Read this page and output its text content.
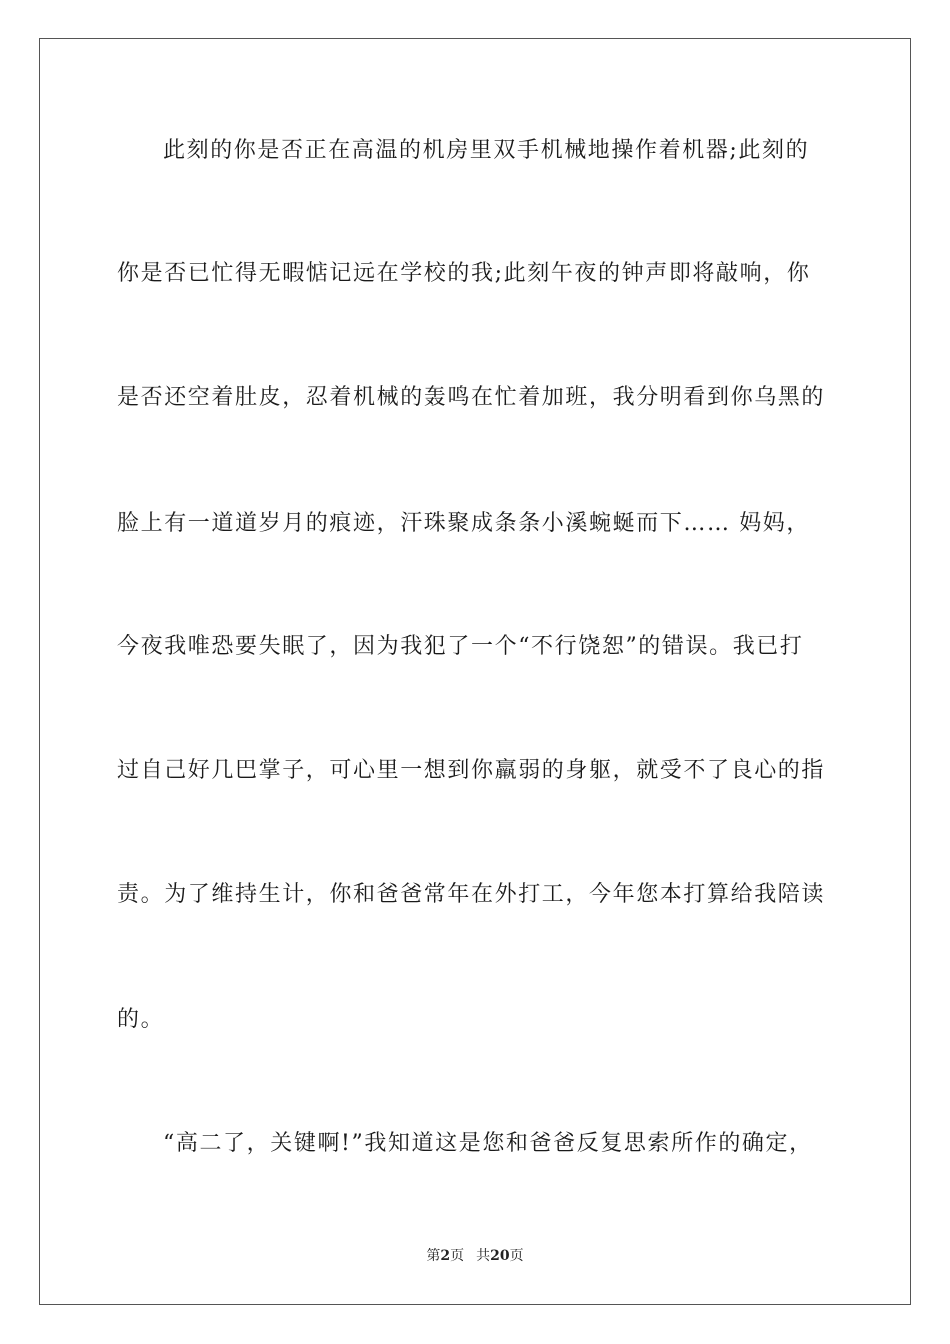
此刻的你是否正在高温的机房里双手机械地操作着机器;此刻的
你是否已忙得无暇惦记远在学校的我;此刻午夜的钟声即将敲响，你
是否还空着肚皮，忍着机械的轰鸣在忙着加班，我分明看到你乌黑的
脸上有一道道岁月的痕迹，汗珠聚成条条小溪蜿蜒而下…… 妈妈，
今夜我唯恐要失眠了，因为我犯了一个“不行饶恕”的错误。我已打
过自己好几巴掌子，可心里一想到你羸弱的身躯，就受不了良心的指
责。为了维持生计，你和爸爸常年在外打工，今年您本打算给我陪读
的。
“高二了，关键啊!”我知道这是您和爸爸反复思索所作的确定，
第2页 共20页
